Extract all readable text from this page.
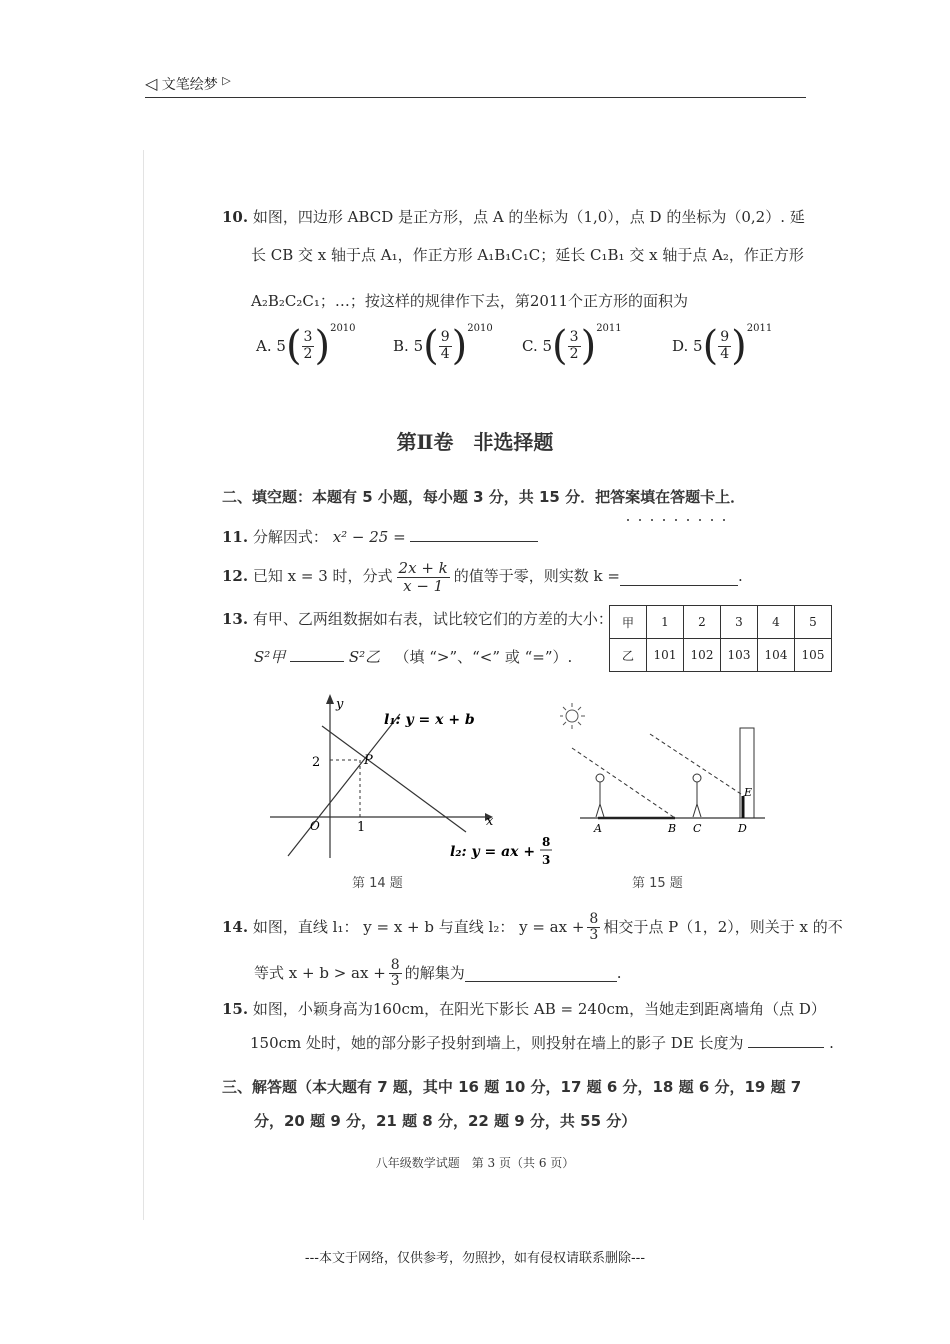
◁ 文笔绘梦 ▷
10. 如图，四边形 ABCD 是正方形，点 A 的坐标为（1,0），点 D 的坐标为（0,2）. 延
长 CB 交 x 轴于点 A₁，作正方形 A₁B₁C₁C；延长 C₁B₁ 交 x 轴于点 A₂，作正方形
A₂B₂C₂C₁；…；按这样的规律作下去，第2011个正方形的面积为
A.
5 ( $\frac{3}{2}$ ) 2010
B.
5 ( $\frac{9}{4}$ ) 2010
C.
5 ( $\frac{3}{2}$ ) 2011
D.
5 ( $\frac{9}{4}$ ) 2011
第Ⅱ卷　非选择题
二、填空题：本题有 5 小题，每小题 3 分，共 15 分．把答案填在答题卡上．
11. 分解因式： x² − 25 =
12.
已知 x = 3 时，分式 $\frac{2x + k}{x - 1}$ 的值等于零，则实数 k =	.
13. 有甲、乙两组数据如右表，试比较它们的方差的大小：
S²甲	S²乙 （填 “>”、“<” 或 “=”）.
甲	1	2	3	4	5
乙	101	102	103	104	105
y
x
O
2
1
P
l₁: y = x + b
l₂: y = ax +
8
3
第 14 题
A	B C	D
E
第 15 题
14.
如图，直线 l₁： y = x + b 与直线 l₂： y = ax + $\frac{8}{3}$ 相交于点 P（1，2），则关于 x 的不
等式 x + b > ax + $\frac{8}{3}$ 的解集为	.
15. 如图，小颖身高为160cm，在阳光下影长 AB = 240cm，当她走到距离墙角（点 D）
150cm 处时，她的部分影子投射到墙上，则投射在墙上的影子 DE 长度为	.
三、解答题（本大题有 7 题，其中 16 题 10 分，17 题 6 分，18 题 6 分，19 题 7
分，20 题 9 分，21 题 8 分，22 题 9 分，共 55 分）
八年级数学试题　第 3 页（共 6 页）
---本文于网络，仅供参考，勿照抄，如有侵权请联系删除---
